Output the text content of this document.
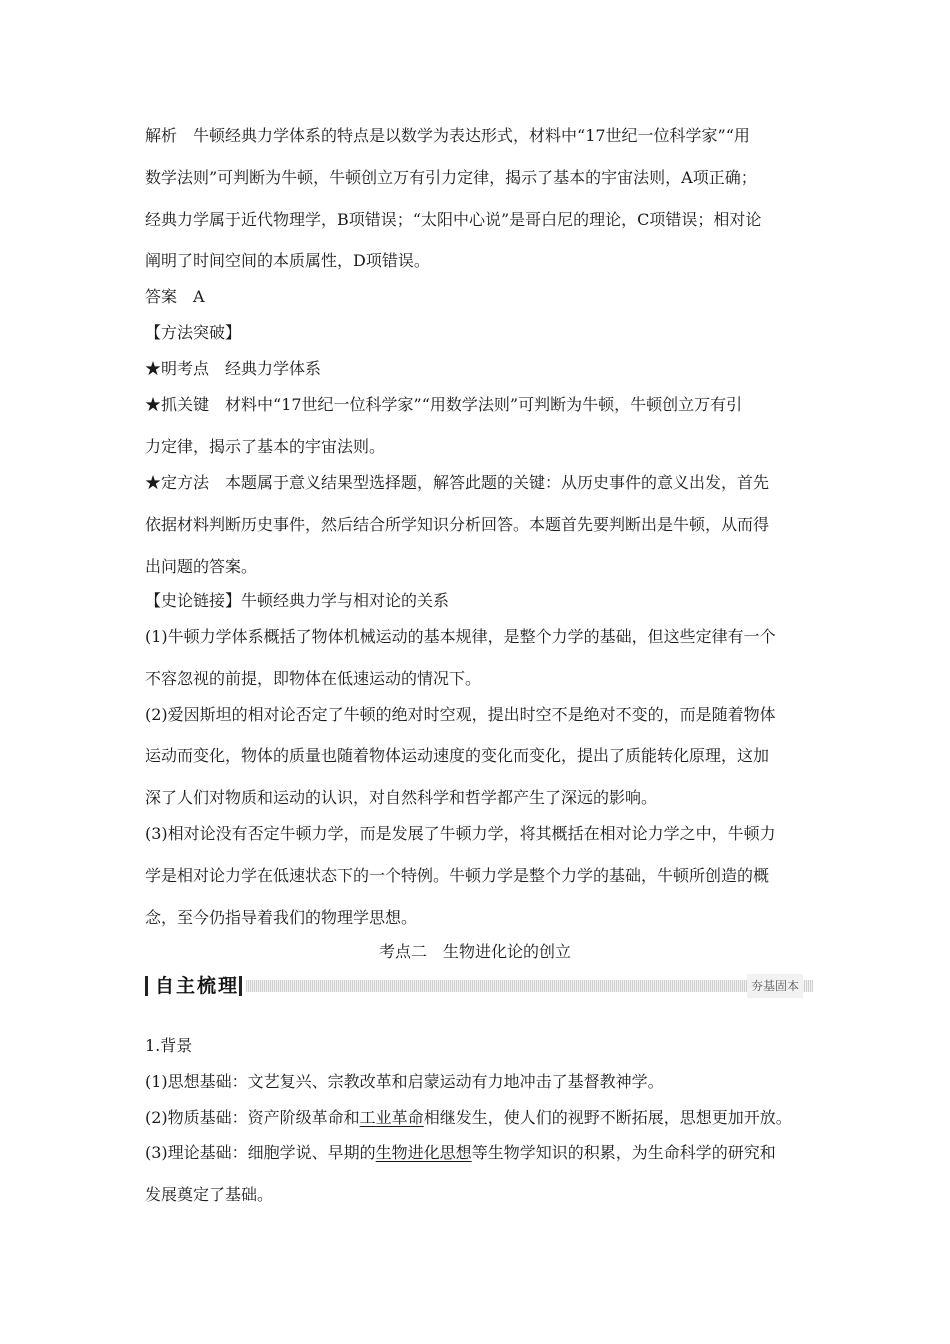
解析 牛顿经典力学体系的特点是以数学为表达形式，材料中“17世纪一位科学家”“用
数学法则”可判断为牛顿，牛顿创立万有引力定律，揭示了基本的宇宙法则，A项正确；
经典力学属于近代物理学，B项错误；“太阳中心说”是哥白尼的理论，C项错误；相对论
阐明了时间空间的本质属性，D项错误。
答案 A
【方法突破】
★明考点 经典力学体系
★抓关键 材料中“17世纪一位科学家”“用数学法则”可判断为牛顿，牛顿创立万有引
力定律，揭示了基本的宇宙法则。
★定方法 本题属于意义结果型选择题，解答此题的关键：从历史事件的意义出发，首先
依据材料判断历史事件，然后结合所学知识分析回答。本题首先要判断出是牛顿，从而得
出问题的答案。
【史论链接】牛顿经典力学与相对论的关系
(1)牛顿力学体系概括了物体机械运动的基本规律，是整个力学的基础，但这些定律有一个
不容忽视的前提，即物体在低速运动的情况下。
(2)爱因斯坦的相对论否定了牛顿的绝对时空观，提出时空不是绝对不变的，而是随着物体
运动而变化，物体的质量也随着物体运动速度的变化而变化，提出了质能转化原理，这加
深了人们对物质和运动的认识，对自然科学和哲学都产生了深远的影响。
(3)相对论没有否定牛顿力学，而是发展了牛顿力学，将其概括在相对论力学之中，牛顿力
学是相对论力学在低速状态下的一个特例。牛顿力学是整个力学的基础，牛顿所创造的概
念，至今仍指导着我们的物理学思想。
考点二 生物进化论的创立
自主梳理	夯基固本
1.背景
(1)思想基础：文艺复兴、宗教改革和启蒙运动有力地冲击了基督教神学。
(2)物质基础：资产阶级革命和工业革命相继发生，使人们的视野不断拓展，思想更加开放。
(3)理论基础：细胞学说、早期的生物进化思想等生物学知识的积累，为生命科学的研究和
发展奠定了基础。
